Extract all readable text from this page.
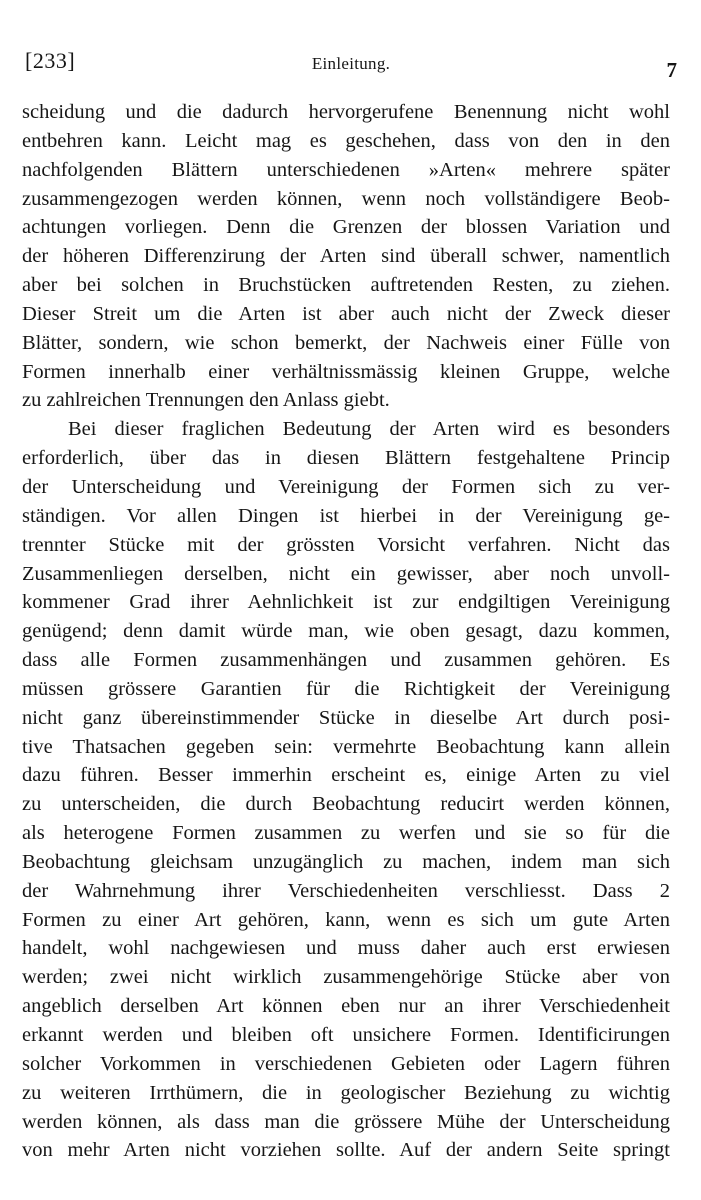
[233]	Einleitung.	7
scheidung und die dadurch hervorgerufene Benennung nicht wohl
entbehren kann. Leicht mag es geschehen, dass von den in den
nachfolgenden Blättern unterschiedenen »Arten« mehrere später
zusammengezogen werden können, wenn noch vollständigere Beob-
achtungen vorliegen. Denn die Grenzen der blossen Variation und
der höheren Differenzirung der Arten sind überall schwer, namentlich
aber bei solchen in Bruchstücken auftretenden Resten, zu ziehen.
Dieser Streit um die Arten ist aber auch nicht der Zweck dieser
Blätter, sondern, wie schon bemerkt, der Nachweis einer Fülle von
Formen innerhalb einer verhältnissmässig kleinen Gruppe, welche
zu zahlreichen Trennungen den Anlass giebt.
Bei dieser fraglichen Bedeutung der Arten wird es besonders
erforderlich, über das in diesen Blättern festgehaltene Princip
der Unterscheidung und Vereinigung der Formen sich zu ver-
ständigen. Vor allen Dingen ist hierbei in der Vereinigung ge-
trennter Stücke mit der grössten Vorsicht verfahren. Nicht das
Zusammenliegen derselben, nicht ein gewisser, aber noch unvoll-
kommener Grad ihrer Aehnlichkeit ist zur endgiltigen Vereinigung
genügend; denn damit würde man, wie oben gesagt, dazu kommen,
dass alle Formen zusammenhängen und zusammen gehören. Es
müssen grössere Garantien für die Richtigkeit der Vereinigung
nicht ganz übereinstimmender Stücke in dieselbe Art durch posi-
tive Thatsachen gegeben sein: vermehrte Beobachtung kann allein
dazu führen. Besser immerhin erscheint es, einige Arten zu viel
zu unterscheiden, die durch Beobachtung reducirt werden können,
als heterogene Formen zusammen zu werfen und sie so für die
Beobachtung gleichsam unzugänglich zu machen, indem man sich
der Wahrnehmung ihrer Verschiedenheiten verschliesst. Dass 2
Formen zu einer Art gehören, kann, wenn es sich um gute Arten
handelt, wohl nachgewiesen und muss daher auch erst erwiesen
werden; zwei nicht wirklich zusammengehörige Stücke aber von
angeblich derselben Art können eben nur an ihrer Verschiedenheit
erkannt werden und bleiben oft unsichere Formen. Identificirungen
solcher Vorkommen in verschiedenen Gebieten oder Lagern führen
zu weiteren Irrthümern, die in geologischer Beziehung zu wichtig
werden können, als dass man die grössere Mühe der Unterscheidung
von mehr Arten nicht vorziehen sollte. Auf der andern Seite springt
